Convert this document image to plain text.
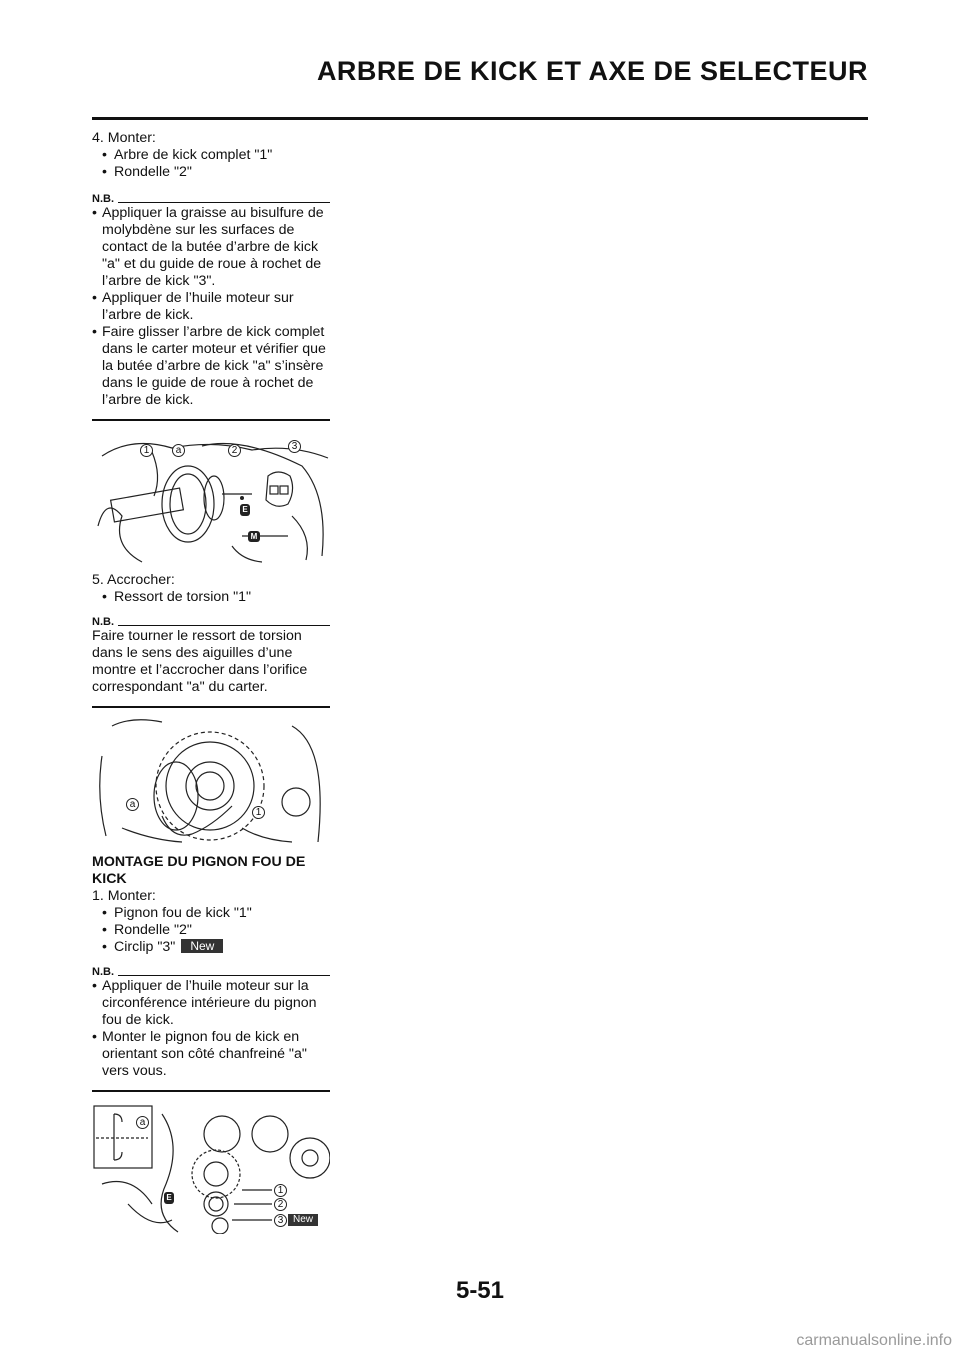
ARBRE DE KICK ET AXE DE SELECTEUR
4. Monter:
• Arbre de kick complet "1"
• Rondelle "2"
N.B.
• Appliquer la graisse au bisulfure de molybdène sur les surfaces de contact de la butée d’arbre de kick "a" et du guide de roue à rochet de l’arbre de kick "3".
• Appliquer de l’huile moteur sur l’arbre de kick.
• Faire glisser l’arbre de kick complet dans le carter moteur et vérifier que la butée d’arbre de kick "a" s’insère dans le guide de roue à rochet de l’arbre de kick.
1	a	2	3
E
M
5. Accrocher:
• Ressort de torsion "1"
N.B.
Faire tourner le ressort de torsion dans le sens des aiguilles d’une montre et l’accrocher dans l’orifice correspondant "a" du carter.
a
1
MONTAGE DU PIGNON FOU DE KICK
1. Monter:
• Pignon fou de kick "1"
• Rondelle "2"
• Circlip "3" New
N.B.
• Appliquer de l’huile moteur sur la circonférence intérieure du pignon fou de kick.
• Monter le pignon fou de kick en orientant son côté chanfreiné "a" vers vous.
a
1
2
3
E
New
5-51
carmanualsonline.info
